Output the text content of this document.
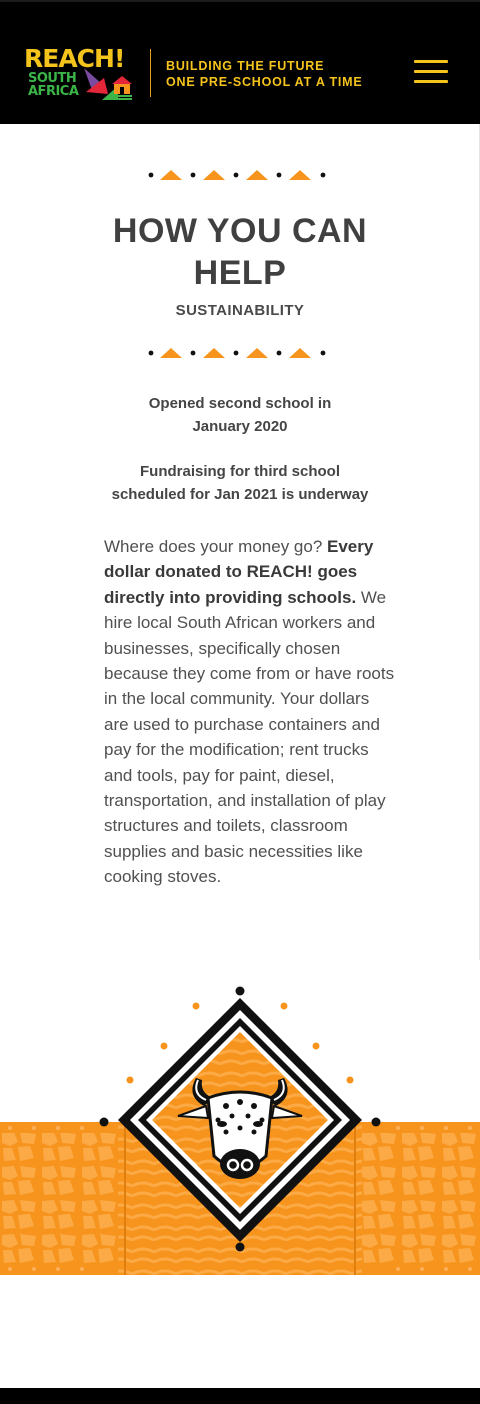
REACH!
SOUTH
AFRICA
BUILDING THE FUTURE
ONE PRE-SCHOOL AT A TIME
HOW YOU CAN
HELP
SUSTAINABILITY
Opened second school in
January 2020
Fundraising for third school
scheduled for Jan 2021 is underway

Where does your money go? Every dollar donated to REACH! goes directly into providing schools. We hire local South African workers and businesses, specifically chosen because they come from or have roots in the local community. Your dollars are used to purchase containers and pay for the modification; rent trucks and tools, pay for paint, diesel, transportation, and installation of play structures and toilets, classroom supplies and basic necessities like cooking stoves.
